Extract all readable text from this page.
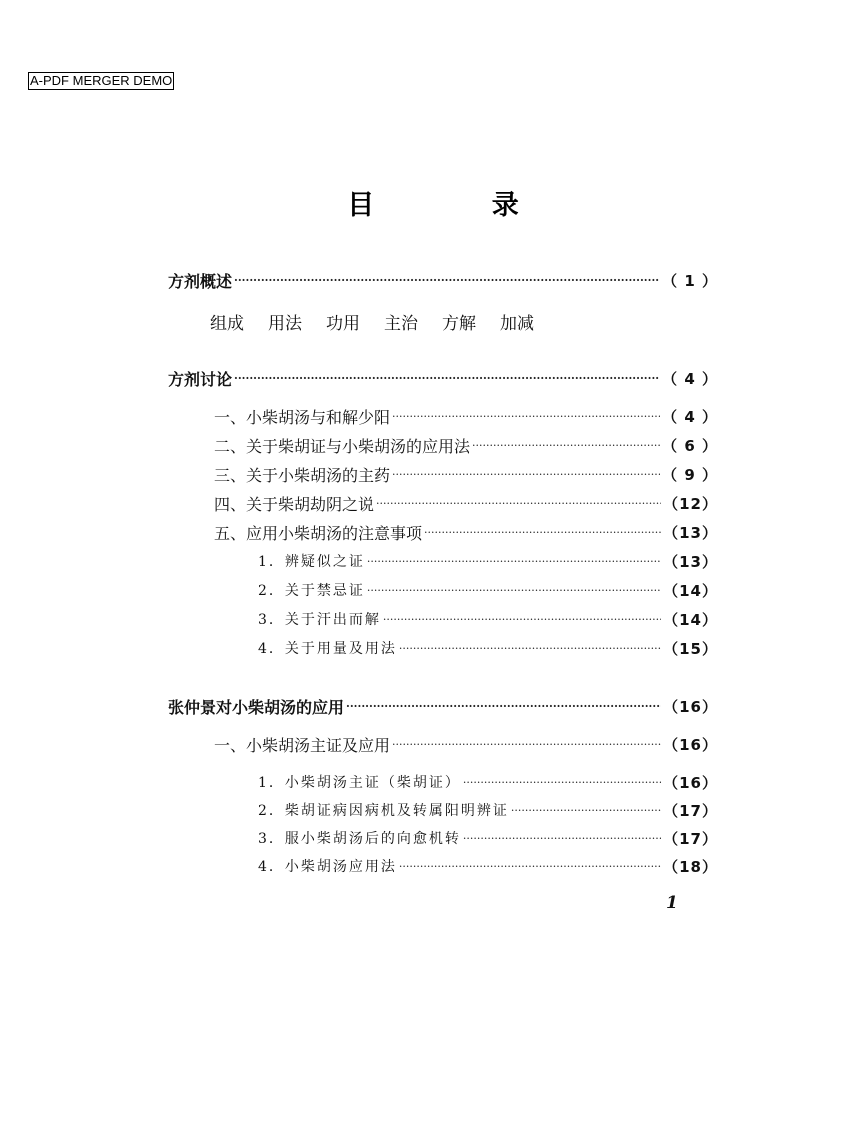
A-PDF MERGER DEMO
目 录
方剂概述 ·····	（ 1 ）
组成 用法 功用 主治 方解 加减
方剂讨论 ·····	（ 4 ）
一、小柴胡汤与和解少阳 ·····	（ 4 ）
二、关于柴胡证与小柴胡汤的应用法 ·····	（ 6 ）
三、关于小柴胡汤的主药 ·····	（ 9 ）
四、关于柴胡劫阴之说 ·····	（12）
五、应用小柴胡汤的注意事项 ·····	（13）
1．辨疑似之证 ·····	（13）
2．关于禁忌证 ·····	（14）
3．关于汗出而解 ·····	（14）
4．关于用量及用法 ·····	（15）
张仲景对小柴胡汤的应用 ·····	（16）
一、小柴胡汤主证及应用 ·····	（16）
1．小柴胡汤主证（柴胡证） ·····	（16）
2．柴胡证病因病机及转属阳明辨证 ·····	（17）
3．服小柴胡汤后的向愈机转 ·····	（17）
4．小柴胡汤应用法 ·····	（18）
1
